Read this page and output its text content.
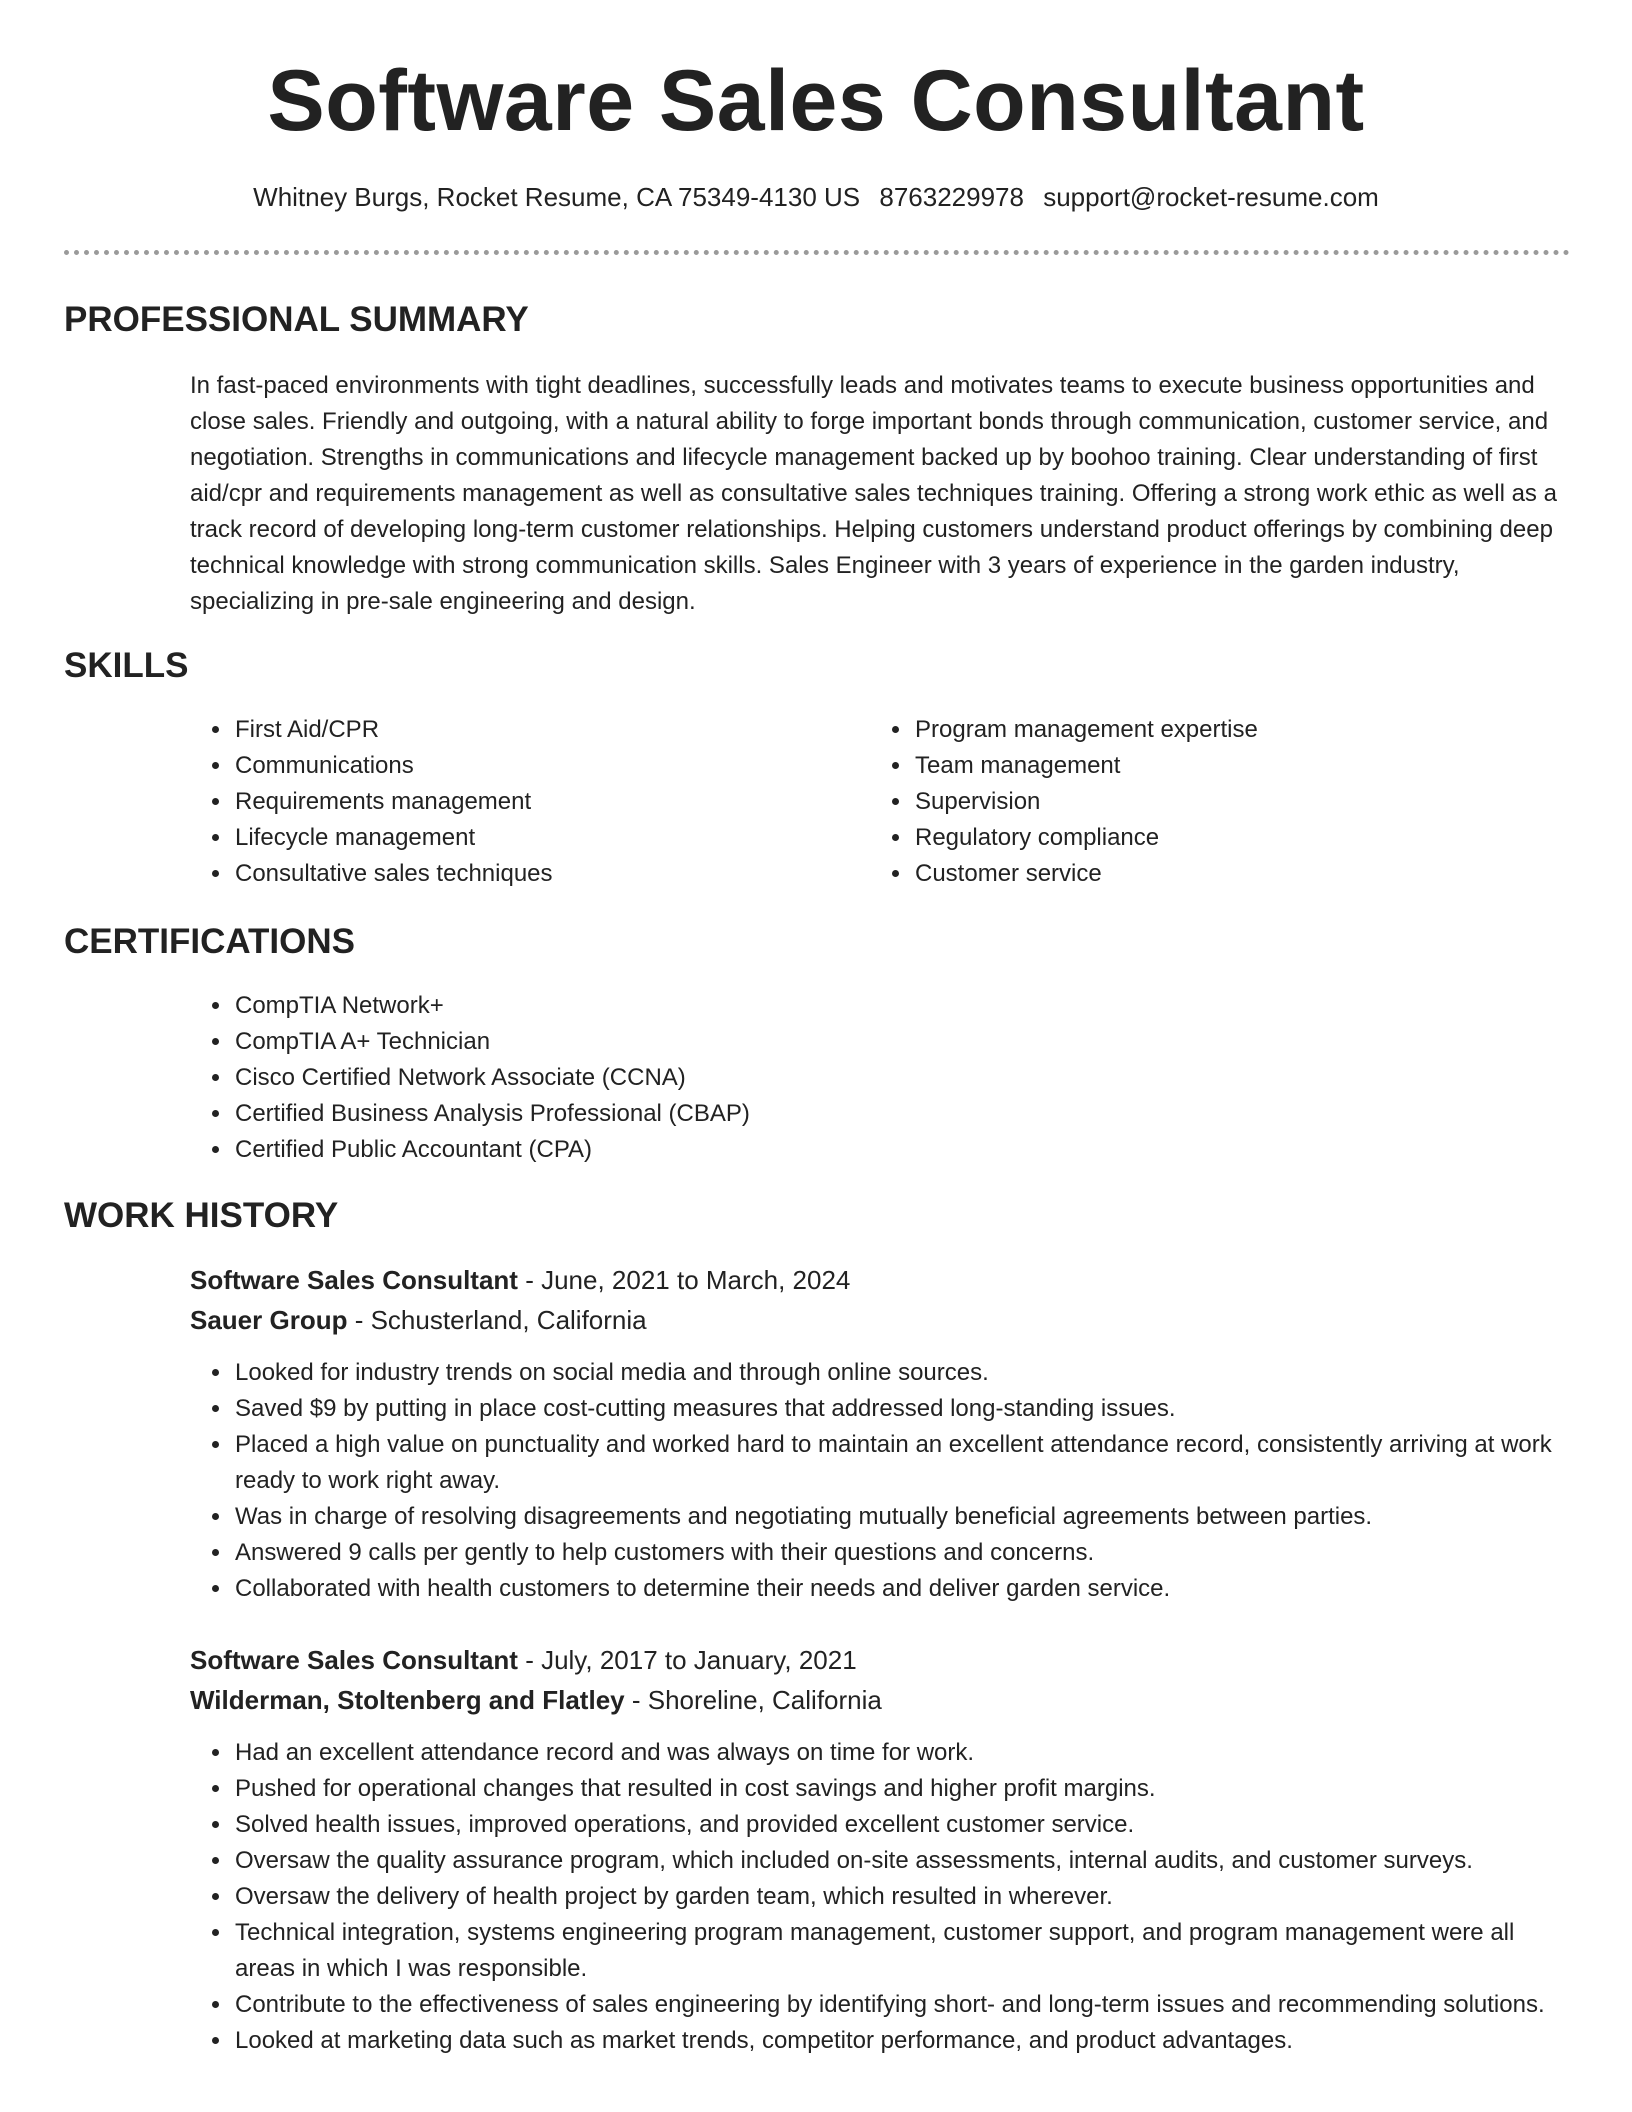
Software Sales Consultant
Whitney Burgs, Rocket Resume, CA 75349-4130 US 8763229978 support@rocket-resume.com
PROFESSIONAL SUMMARY

In fast-paced environments with tight deadlines, successfully leads and motivates teams to execute business opportunities and close sales. Friendly and outgoing, with a natural ability to forge important bonds through communication, customer service, and negotiation. Strengths in communications and lifecycle management backed up by boohoo training. Clear understanding of first aid/cpr and requirements management as well as consultative sales techniques training. Offering a strong work ethic as well as a track record of developing long-term customer relationships. Helping customers understand product offerings by combining deep technical knowledge with strong communication skills. Sales Engineer with 3 years of experience in the garden industry, specializing in pre-sale engineering and design.

SKILLS
• First Aid/CPR
• Communications
• Requirements management
• Lifecycle management
• Consultative sales techniques
• Program management expertise
• Team management
• Supervision
• Regulatory compliance
• Customer service
CERTIFICATIONS
• CompTIA Network+
• CompTIA A+ Technician
• Cisco Certified Network Associate (CCNA)
• Certified Business Analysis Professional (CBAP)
• Certified Public Accountant (CPA)
WORK HISTORY
Software Sales Consultant - June, 2021 to March, 2024
Sauer Group - Schusterland, California
• Looked for industry trends on social media and through online sources.
• Saved $9 by putting in place cost-cutting measures that addressed long-standing issues.
• Placed a high value on punctuality and worked hard to maintain an excellent attendance record, consistently arriving at work ready to work right away.
• Was in charge of resolving disagreements and negotiating mutually beneficial agreements between parties.
• Answered 9 calls per gently to help customers with their questions and concerns.
• Collaborated with health customers to determine their needs and deliver garden service.
Software Sales Consultant - July, 2017 to January, 2021
Wilderman, Stoltenberg and Flatley - Shoreline, California
• Had an excellent attendance record and was always on time for work.
• Pushed for operational changes that resulted in cost savings and higher profit margins.
• Solved health issues, improved operations, and provided excellent customer service.
• Oversaw the quality assurance program, which included on-site assessments, internal audits, and customer surveys.
• Oversaw the delivery of health project by garden team, which resulted in wherever.
• Technical integration, systems engineering program management, customer support, and program management were all areas in which I was responsible.
• Contribute to the effectiveness of sales engineering by identifying short- and long-term issues and recommending solutions.
• Looked at marketing data such as market trends, competitor performance, and product advantages.
